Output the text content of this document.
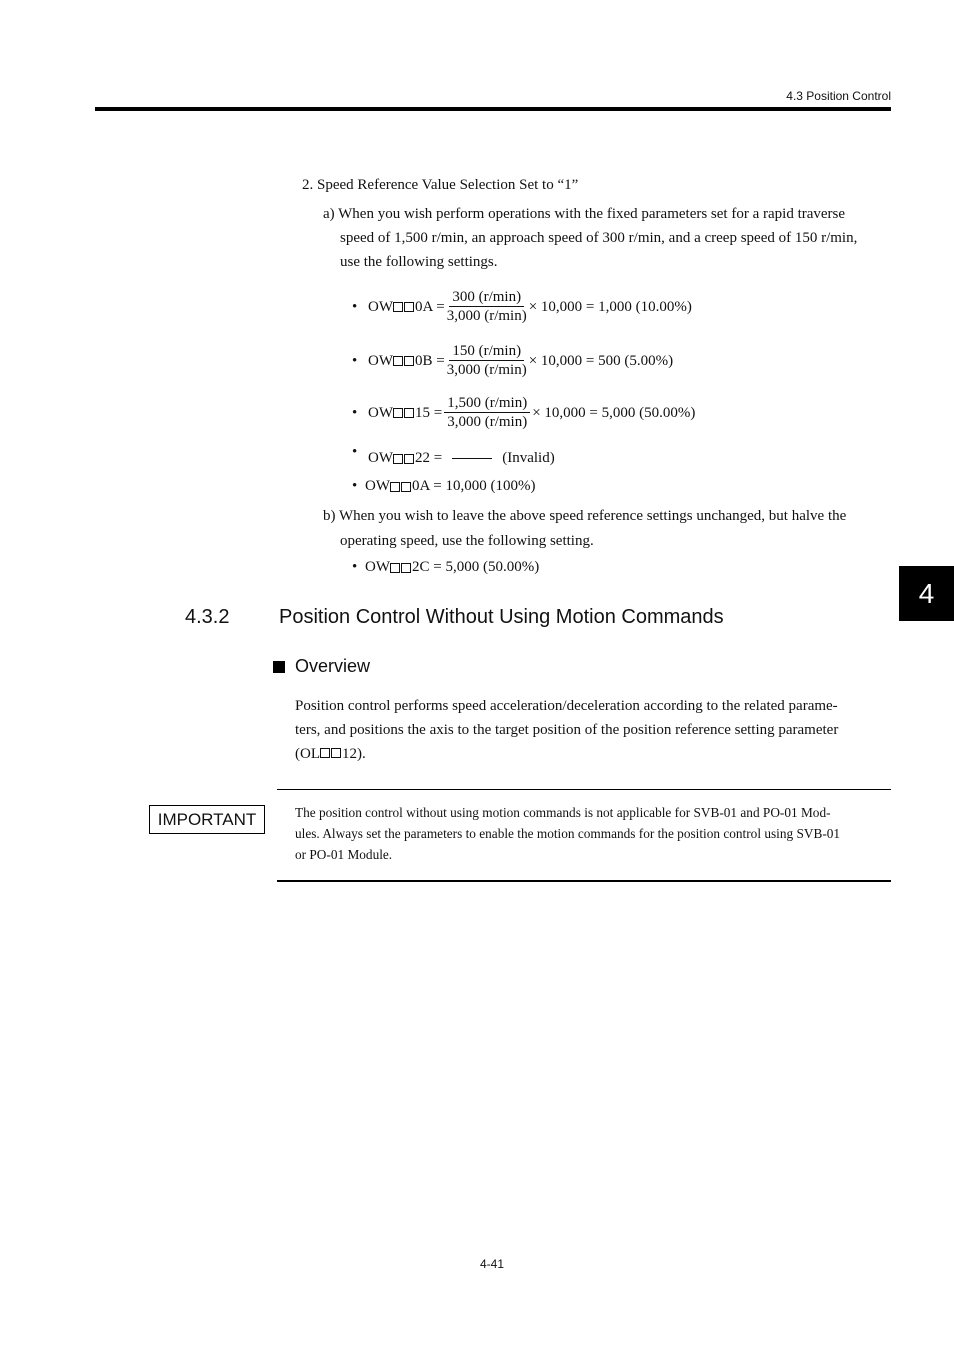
4.3 Position Control
2. Speed Reference Value Selection Set to “1”
a) When you wish perform operations with the fixed parameters set for a rapid traverse
speed of 1,500 r/min, an approach speed of 300 r/min, and a creep speed of 150 r/min,
use the following settings.
• OW $0A = \frac{300 (r/\min)}{3,000 (r/\min)} \times 10,000 = 1,000$ (10.00%)
• OW $0B = \frac{150 (r/\min)}{3,000 (r/\min)} \times 10,000 = 500$ (5.00%)
• OW $15 = \frac{1,500 (r/\min)}{3,000 (r/\min)} \times 10,000 = 5,000$ (50.00%)
• OW 22 =	(Invalid)
• OW 0A = 10,000 (100%)
b) When you wish to leave the above speed reference settings unchanged, but halve the
operating speed, use the following setting.
• OW 2C = 5,000 (50.00%)
4
4.3.2 Position Control Without Using Motion Commands
Overview
Position control performs speed acceleration/deceleration according to the related parame-
ters, and positions the axis to the target position of the position reference setting parameter
(OL 12).
IMPORTANT	The position control without using motion commands is not applicable for SVB-01 and PO-01 Mod-
ules. Always set the parameters to enable the motion commands for the position control using SVB-01
or PO-01 Module.
4-41
